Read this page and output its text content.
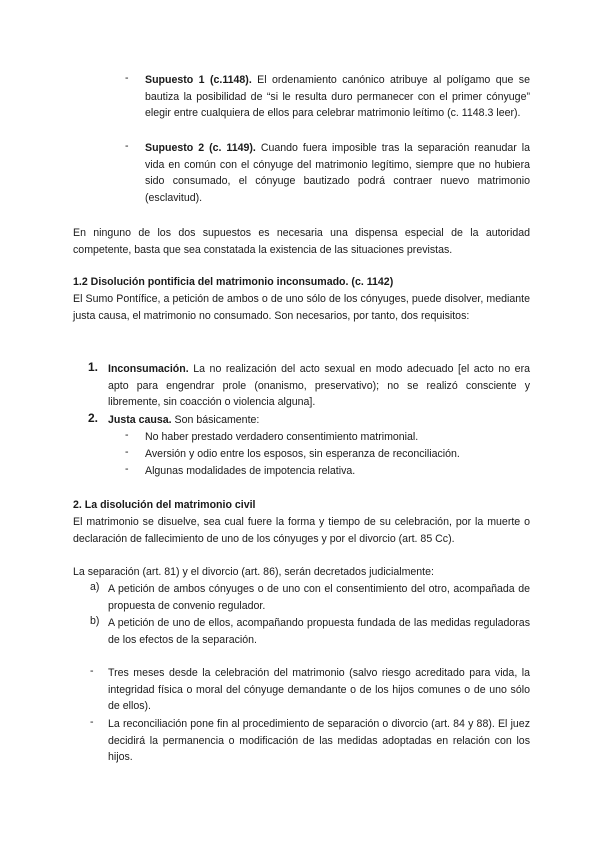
- Supuesto 1 (c.1148). El ordenamiento canónico atribuye al polígamo que se bautiza la posibilidad de “si le resulta duro permanecer con el primer cónyuge” elegir entre cualquiera de ellos para celebrar matrimonio leítimo (c. 1148.3 leer).
- Supuesto 2 (c. 1149). Cuando fuera imposible tras la separación reanudar la vida en común con el cónyuge del matrimonio legítimo, siempre que no hubiera sido consumado, el cónyuge bautizado podrá contraer nuevo matrimonio (esclavitud).
En ninguno de los dos supuestos es necesaria una dispensa especial de la autoridad competente, basta que sea constatada la existencia de las situaciones previstas.
1.2 Disolución pontificia del matrimonio inconsumado. (c. 1142)
El Sumo Pontífice, a petición de ambos o de uno sólo de los cónyuges, puede disolver, mediante justa causa, el matrimonio no consumado. Son necesarios, por tanto, dos requisitos:
1. Inconsumación. La no realización del acto sexual en modo adecuado [el acto no era apto para engendrar prole (onanismo, preservativo); no se realizó consciente y libremente, sin coacción o violencia alguna].
2. Justa causa. Son básicamente:
- No haber prestado verdadero consentimiento matrimonial.
- Aversión y odio entre los esposos, sin esperanza de reconciliación.
- Algunas modalidades de impotencia relativa.
2. La disolución del matrimonio civil
El matrimonio se disuelve, sea cual fuere la forma y tiempo de su celebración, por la muerte o declaración de fallecimiento de uno de los cónyuges y por el divorcio (art. 85 Cc).
La separación (art. 81) y el divorcio (art. 86), serán decretados judicialmente:
a) A petición de ambos cónyuges o de uno con el consentimiento del otro, acompañada de propuesta de convenio regulador.
b) A petición de uno de ellos, acompañando propuesta fundada de las medidas reguladoras de los efectos de la separación.
- Tres meses desde la celebración del matrimonio (salvo riesgo acreditado para vida, la integridad física o moral del cónyuge demandante o de los hijos comunes o de uno sólo de ellos).
- La reconciliación pone fin al procedimiento de separación o divorcio (art. 84 y 88). El juez decidirá la permanencia o modificación de las medidas adoptadas en relación con los hijos.
